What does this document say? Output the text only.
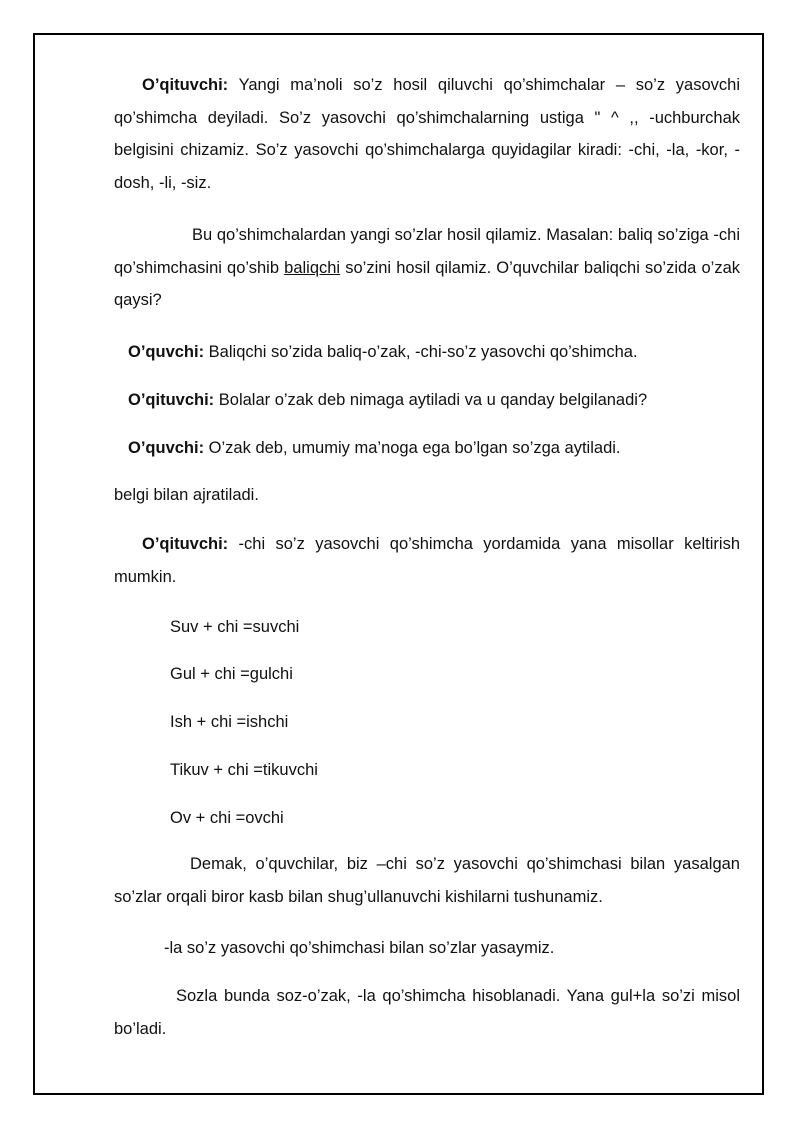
O’qituvchi: Yangi ma’noli so’z hosil qiluvchi qo’shimchalar – so’z yasovchi qo’shimcha deyiladi. So’z yasovchi qo’shimchalarning ustiga " ^ ,, -uchburchak belgisini chizamiz. So’z yasovchi qo’shimchalarga quyidagilar kiradi: -chi, -la, -kor, -dosh, -li, -siz.

Bu qo’shimchalardan yangi so’zlar hosil qilamiz. Masalan: baliq so’ziga -chi qo’shimchasini qo’shib baliqchi so’zini hosil qilamiz. O’quvchilar baliqchi so’zida o’zak qaysi?

O’quvchi: Baliqchi so’zida baliq-o’zak, -chi-so’z yasovchi qo’shimcha.

O’qituvchi: Bolalar o’zak deb nimaga aytiladi va u qanday belgilanadi?

O’quvchi: O’zak deb, umumiy ma’noga ega bo’lgan so’zga aytiladi.

belgi bilan ajratiladi.

O’qituvchi: -chi so’z yasovchi qo’shimcha yordamida yana misollar keltirish mumkin.

Suv + chi =suvchi
Gul + chi =gulchi
Ish + chi =ishchi
Tikuv + chi =tikuvchi
Ov + chi =ovchi

Demak, o’quvchilar, biz –chi so’z yasovchi qo’shimchasi bilan yasalgan so’zlar orqali biror kasb bilan shug’ullanuvchi kishilarni tushunamiz.

-la so’z yasovchi qo’shimchasi bilan so’zlar yasaymiz.

Sozla bunda soz-o’zak, -la qo’shimcha hisoblanadi. Yana gul+la so’zi misol bo’ladi.
